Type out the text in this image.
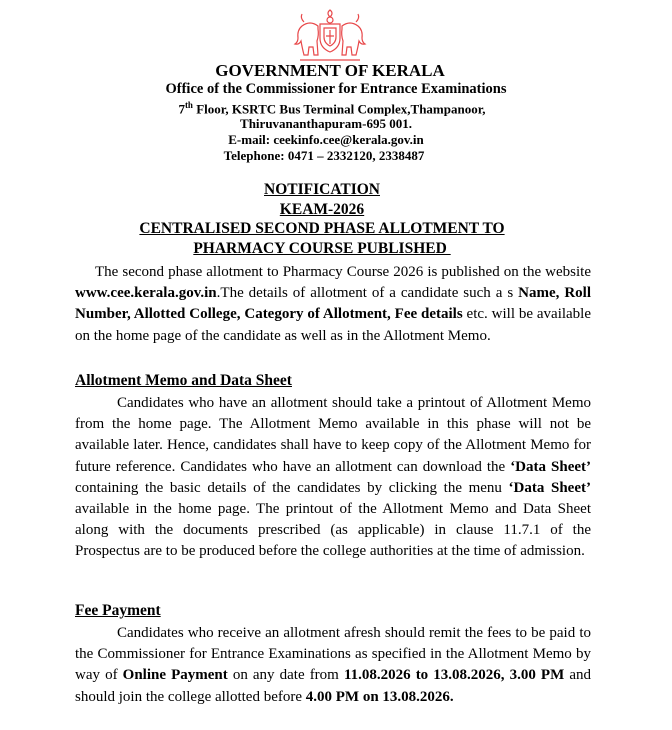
GOVERNMENT OF KERALA
Office of the Commissioner for Entrance Examinations
7th Floor, KSRTC Bus Terminal Complex,Thampanoor,
Thiruvananthapuram-695 001.
E-mail: ceekinfo.cee@kerala.gov.in
Telephone: 0471 – 2332120, 2338487
NOTIFICATION
KEAM-2026
CENTRALISED SECOND PHASE ALLOTMENT TO
PHARMACY COURSE PUBLISHED

The second phase allotment to Pharmacy Course 2026 is published on the website www.cee.kerala.gov.in.The details of allotment of a candidate such a s Name, Roll Number, Allotted College, Category of Allotment, Fee details etc. will be available on the home page of the candidate as well as in the Allotment Memo.

Allotment Memo and Data Sheet

Candidates who have an allotment should take a printout of Allotment Memo from the home page. The Allotment Memo available in this phase will not be available later. Hence, candidates shall have to keep copy of the Allotment Memo for future reference. Candidates who have an allotment can download the ‘Data Sheet’ containing the basic details of the candidates by clicking the menu ‘Data Sheet’ available in the home page. The printout of the Allotment Memo and Data Sheet along with the documents prescribed (as applicable) in clause 11.7.1 of the Prospectus are to be produced before the college authorities at the time of admission.

Fee Payment

Candidates who receive an allotment afresh should remit the fees to be paid to the Commissioner for Entrance Examinations as specified in the Allotment Memo by way of Online Payment on any date from 11.08.2026 to 13.08.2026, 3.00 PM and should join the college allotted before 4.00 PM on 13.08.2026.
